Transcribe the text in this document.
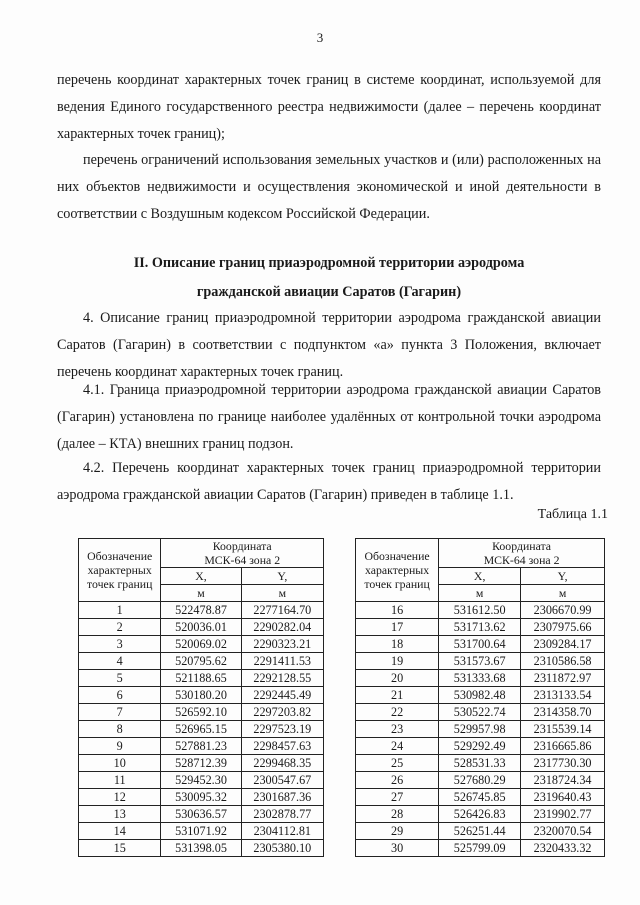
3

перечень координат характерных точек границ в системе координат, используемой для ведения Единого государственного реестра недвижимости (далее – перечень координат характерных точек границ);

перечень ограничений использования земельных участков и (или) расположенных на них объектов недвижимости и осуществления экономической и иной деятельности в соответствии с Воздушным кодексом Российской Федерации.

II. Описание границ приаэродромной территории аэродрома

гражданской авиации Саратов (Гагарин)

4. Описание границ приаэродромной территории аэродрома гражданской авиации Саратов (Гагарин) в соответствии с подпунктом «а» пункта 3 Положения, включает перечень координат характерных точек границ.

4.1. Граница приаэродромной территории аэродрома гражданской авиации Саратов (Гагарин) установлена по границе наиболее удалённых от контрольной точки аэродрома (далее – КТА) внешних границ подзон.

4.2. Перечень координат характерных точек границ приаэродромной территории аэродрома гражданской авиации Саратов (Гагарин) приведен в таблице 1.1.

Таблица 1.1
Обозначение характерных точек границ	Координата
МСК-64 зона 2	
	X,	Y,
	м	м
1	522478.87	2277164.70
2	520036.01	2290282.04
3	520069.02	2290323.21
4	520795.62	2291411.53
5	521188.65	2292128.55
6	530180.20	2292445.49
7	526592.10	2297203.82
8	526965.15	2297523.19
9	527881.23	2298457.63
10	528712.39	2299468.35
11	529452.30	2300547.67
12	530095.32	2301687.36
13	530636.57	2302878.77
14	531071.92	2304112.81
15	531398.05	2305380.10
Обозначение характерных точек границ	Координата
МСК-64 зона 2	
	X,	Y,
	м	м
16	531612.50	2306670.99
17	531713.62	2307975.66
18	531700.64	2309284.17
19	531573.67	2310586.58
20	531333.68	2311872.97
21	530982.48	2313133.54
22	530522.74	2314358.70
23	529957.98	2315539.14
24	529292.49	2316665.86
25	528531.33	2317730.30
26	527680.29	2318724.34
27	526745.85	2319640.43
28	526426.83	2319902.77
29	526251.44	2320070.54
30	525799.09	2320433.32
